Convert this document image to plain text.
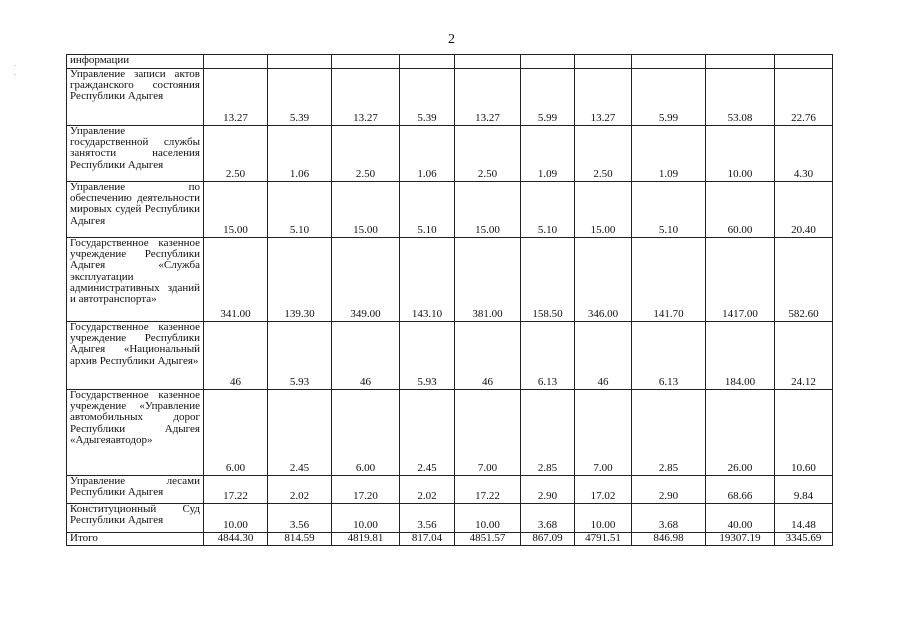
2
·
·
информации										
Управление записи актов гражданского состояния Республики Адыгея	13.27	5.39	13.27	5.39	13.27	5.99	13.27	5.99	53.08	22.76
Управление государственной службы занятости населения Республики Адыгея	2.50	1.06	2.50	1.06	2.50	1.09	2.50	1.09	10.00	4.30
Управление по обеспечению деятельности мировых судей Республики Адыгея	15.00	5.10	15.00	5.10	15.00	5.10	15.00	5.10	60.00	20.40
Государственное казенное учреждение Республики Адыгея «Служба эксплуатации административных зданий и автотранспорта»	341.00	139.30	349.00	143.10	381.00	158.50	346.00	141.70	1417.00	582.60
Государственное казенное учреждение Республики Адыгея «Национальный архив Республики Адыгея»	46	5.93	46	5.93	46	6.13	46	6.13	184.00	24.12
Государственное казенное учреждение «Управление автомобильных дорог Республики Адыгея «Адыгеяавтодор»	6.00	2.45	6.00	2.45	7.00	2.85	7.00	2.85	26.00	10.60
Управление лесами Республики Адыгея	17.22	2.02	17.20	2.02	17.22	2.90	17.02	2.90	68.66	9.84
Конституционный Суд Республики Адыгея	10.00	3.56	10.00	3.56	10.00	3.68	10.00	3.68	40.00	14.48
Итого	4844.30	814.59	4819.81	817.04	4851.57	867.09	4791.51	846.98	19307.19	3345.69
